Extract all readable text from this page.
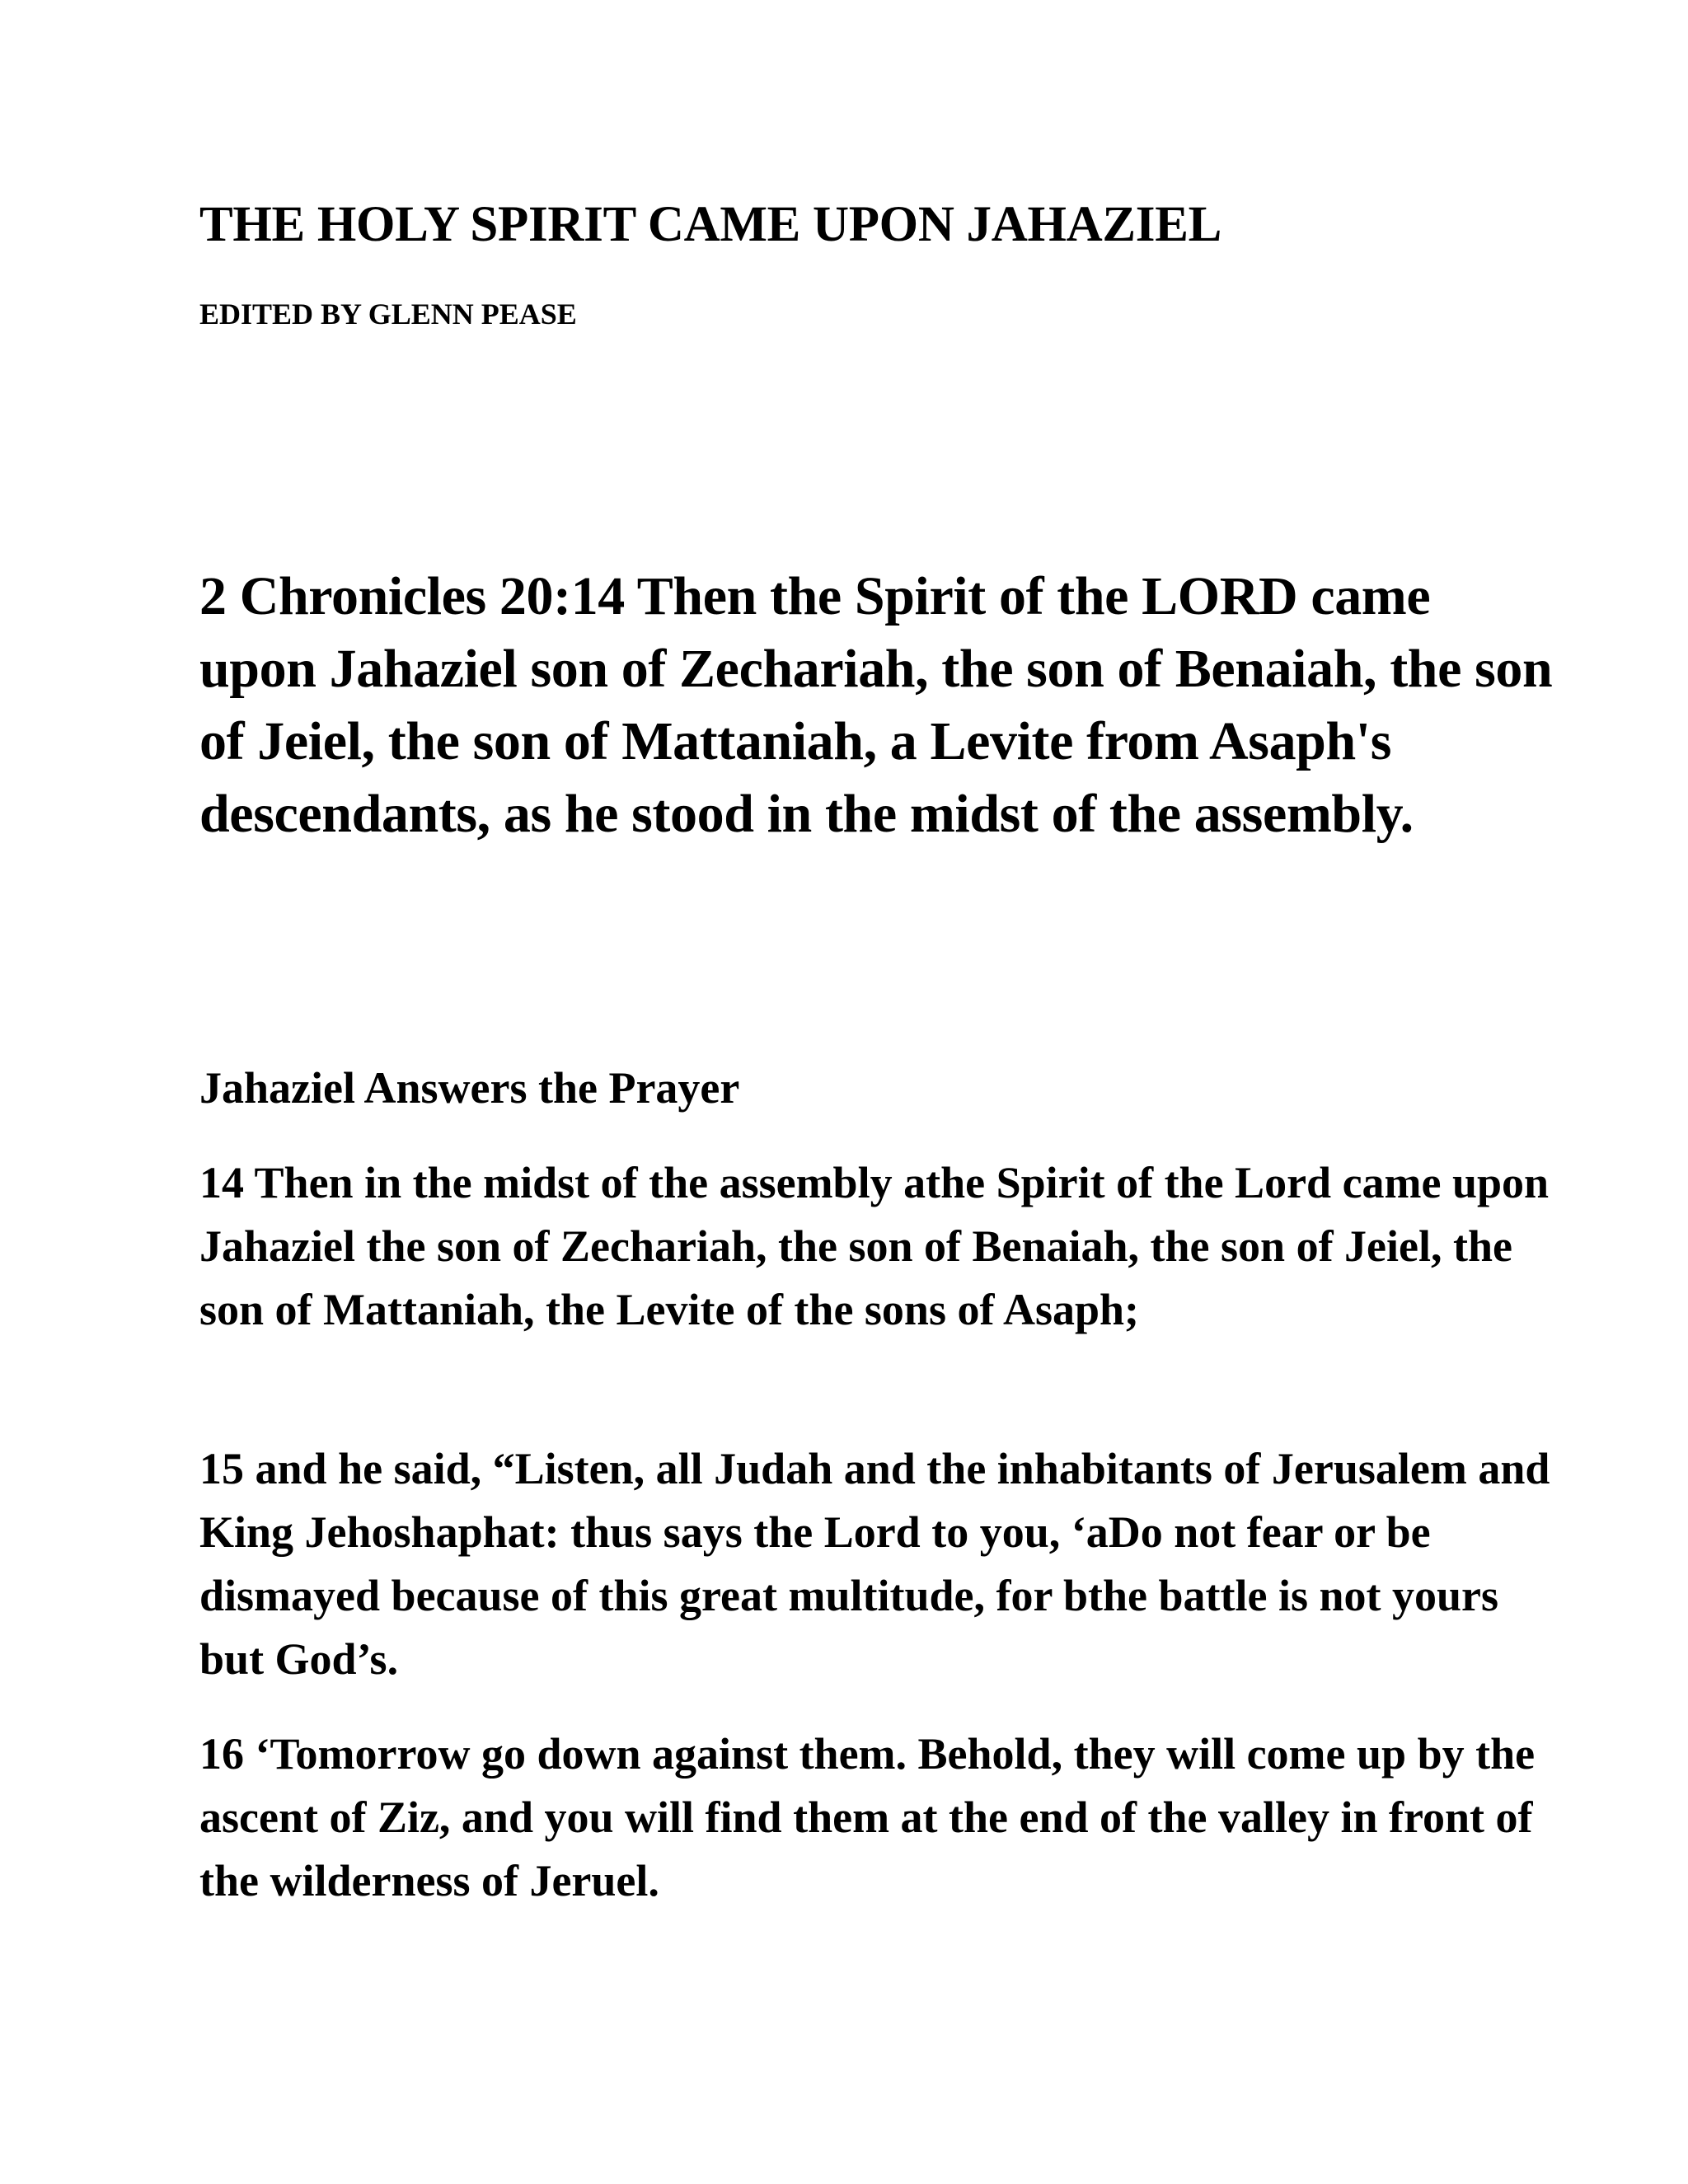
THE HOLY SPIRIT CAME UPON JAHAZIEL

EDITED BY GLENN PEASE

2 Chronicles 20:14 Then the Spirit of the LORD came upon Jahaziel son of Zechariah, the son of Benaiah, the son of Jeiel, the son of Mattaniah, a Levite from Asaph's descendants, as he stood in the midst of the assembly.

Jahaziel Answers the Prayer

14 Then in the midst of the assembly athe Spirit of the Lord came upon Jahaziel the son of Zechariah, the son of Benaiah, the son of Jeiel, the son of Mattaniah, the Levite of the sons of Asaph;

15 and he said, “Listen, all Judah and the inhabitants of Jerusalem and King Jehoshaphat: thus says the Lord to you, ‘aDo not fear or be dismayed because of this great multitude, for bthe battle is not yours but God’s.

16 ‘Tomorrow go down against them. Behold, they will come up by the ascent of Ziz, and you will find them at the end of the valley in front of the wilderness of Jeruel.
